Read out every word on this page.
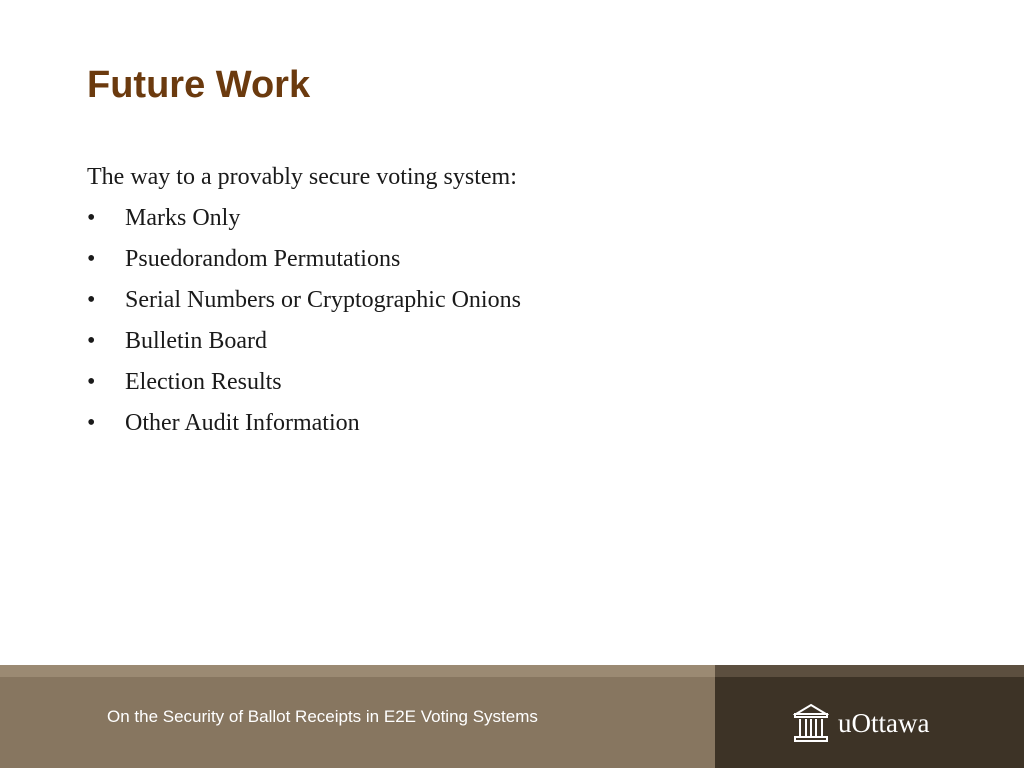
Future Work
The way to a provably secure voting system:
•	Marks Only
•	Psuedorandom Permutations
•	Serial Numbers or Cryptographic Onions
•	Bulletin Board
•	Election Results
•	Other Audit Information
On the Security of Ballot Receipts in E2E Voting Systems	uOttawa
